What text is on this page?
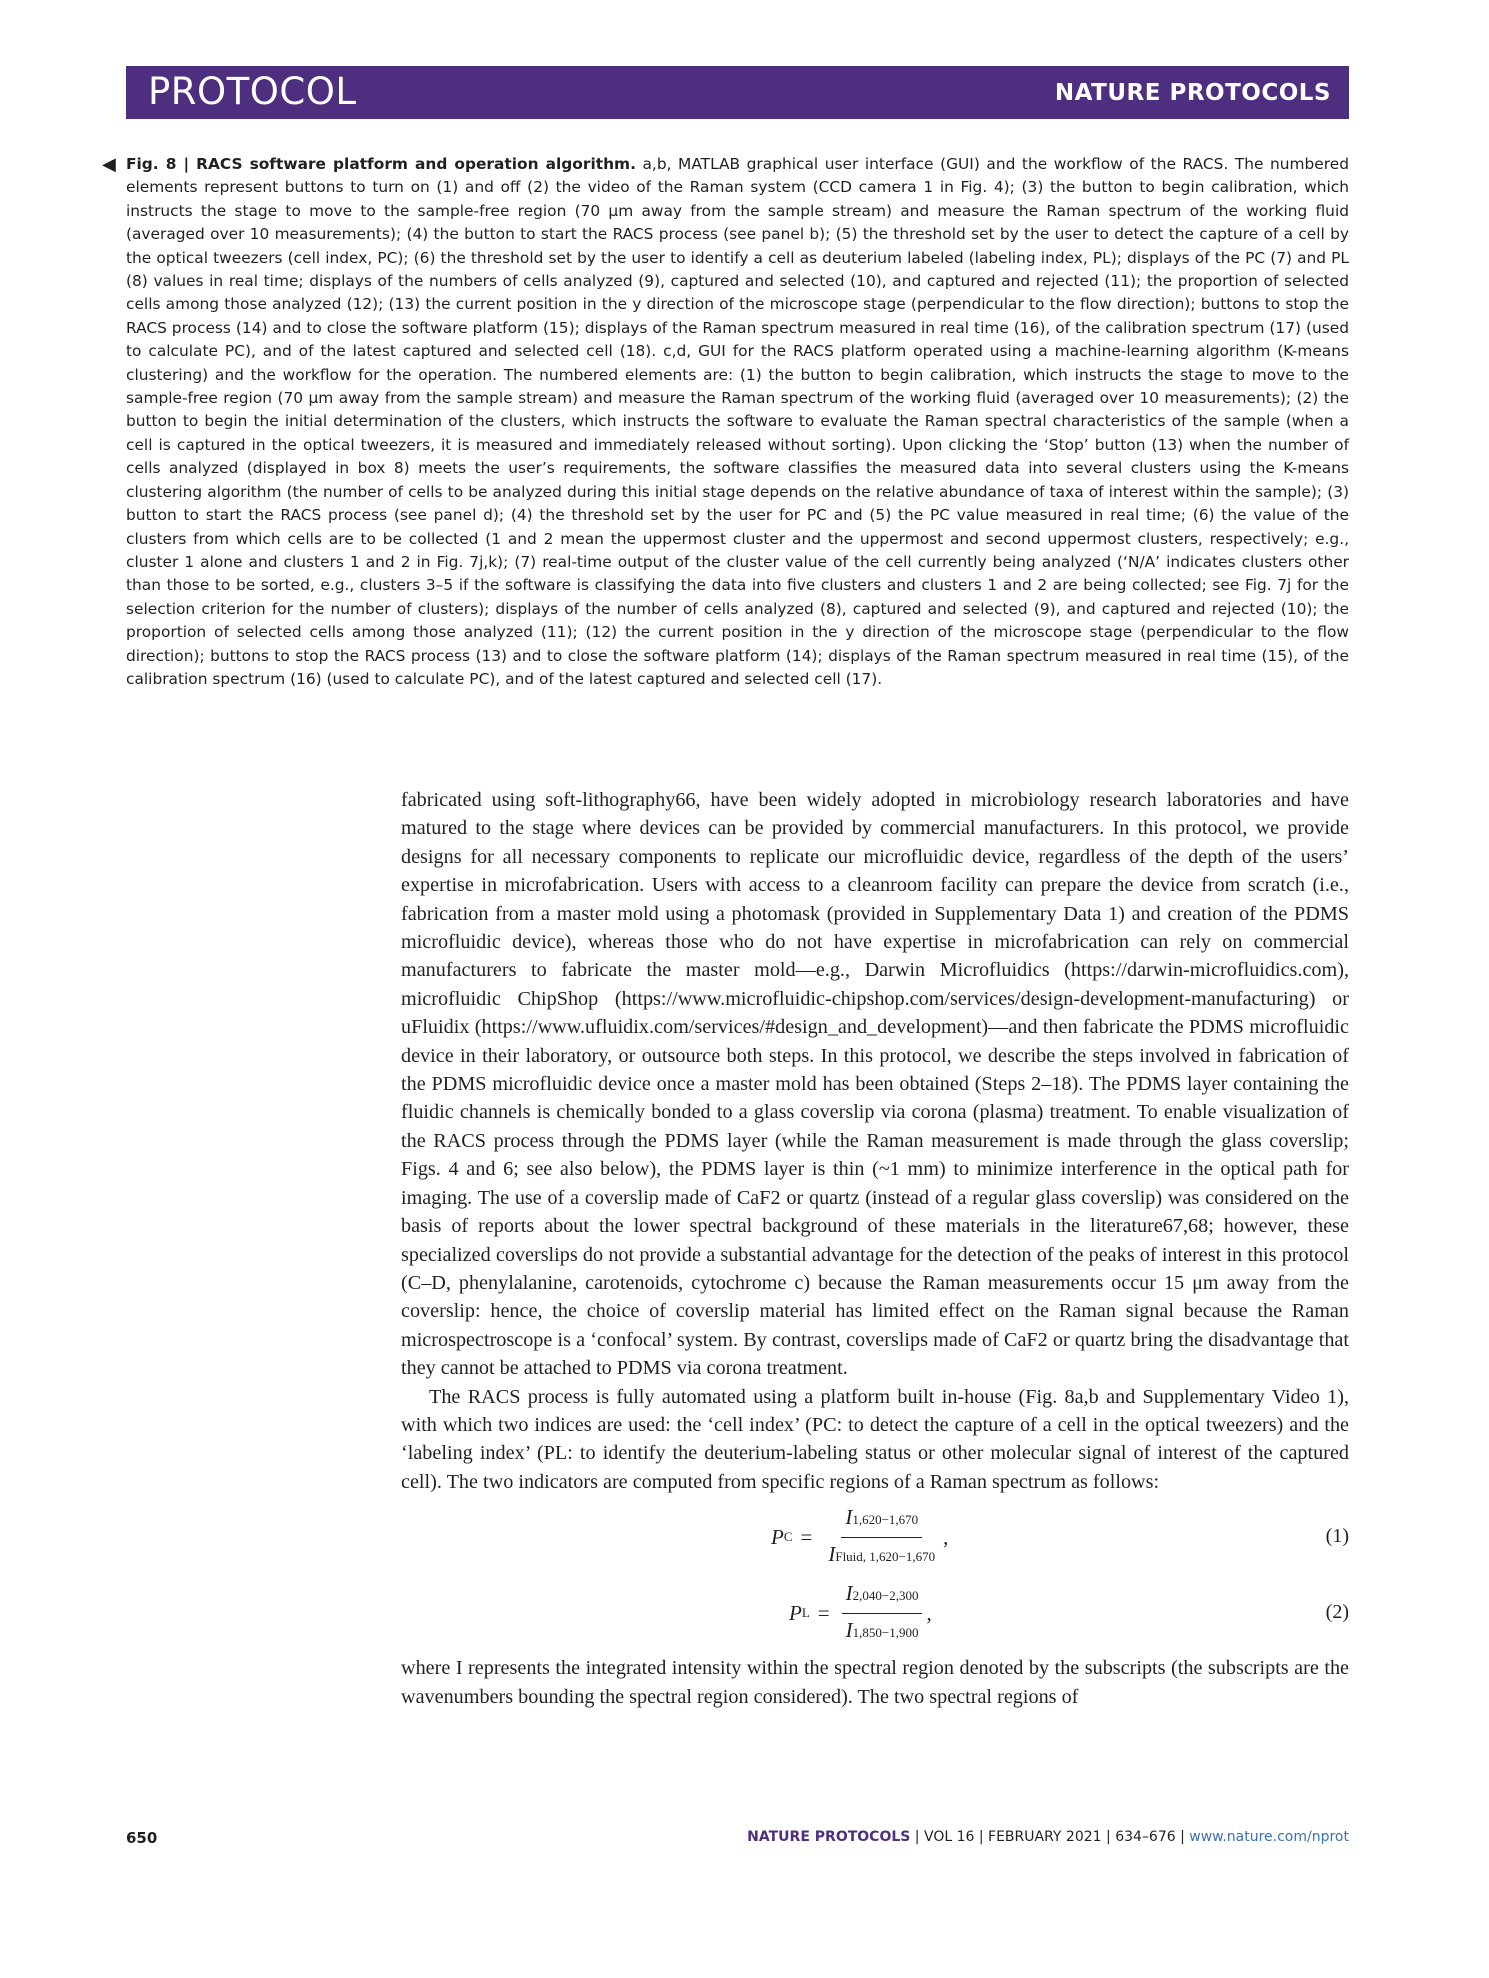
PROTOCOL	NATURE PROTOCOLS
◀ Fig. 8 | RACS software platform and operation algorithm. a,b, MATLAB graphical user interface (GUI) and the workflow of the RACS. The numbered elements represent buttons to turn on (1) and off (2) the video of the Raman system (CCD camera 1 in Fig. 4); (3) the button to begin calibration, which instructs the stage to move to the sample-free region (70 μm away from the sample stream) and measure the Raman spectrum of the working fluid (averaged over 10 measurements); (4) the button to start the RACS process (see panel b); (5) the threshold set by the user to detect the capture of a cell by the optical tweezers (cell index, PC); (6) the threshold set by the user to identify a cell as deuterium labeled (labeling index, PL); displays of the PC (7) and PL (8) values in real time; displays of the numbers of cells analyzed (9), captured and selected (10), and captured and rejected (11); the proportion of selected cells among those analyzed (12); (13) the current position in the y direction of the microscope stage (perpendicular to the flow direction); buttons to stop the RACS process (14) and to close the software platform (15); displays of the Raman spectrum measured in real time (16), of the calibration spectrum (17) (used to calculate PC), and of the latest captured and selected cell (18). c,d, GUI for the RACS platform operated using a machine-learning algorithm (K-means clustering) and the workflow for the operation. The numbered elements are: (1) the button to begin calibration, which instructs the stage to move to the sample-free region (70 μm away from the sample stream) and measure the Raman spectrum of the working fluid (averaged over 10 measurements); (2) the button to begin the initial determination of the clusters, which instructs the software to evaluate the Raman spectral characteristics of the sample (when a cell is captured in the optical tweezers, it is measured and immediately released without sorting). Upon clicking the ‘Stop’ button (13) when the number of cells analyzed (displayed in box 8) meets the user’s requirements, the software classifies the measured data into several clusters using the K-means clustering algorithm (the number of cells to be analyzed during this initial stage depends on the relative abundance of taxa of interest within the sample); (3) button to start the RACS process (see panel d); (4) the threshold set by the user for PC and (5) the PC value measured in real time; (6) the value of the clusters from which cells are to be collected (1 and 2 mean the uppermost cluster and the uppermost and second uppermost clusters, respectively; e.g., cluster 1 alone and clusters 1 and 2 in Fig. 7j,k); (7) real-time output of the cluster value of the cell currently being analyzed (‘N/A’ indicates clusters other than those to be sorted, e.g., clusters 3–5 if the software is classifying the data into five clusters and clusters 1 and 2 are being collected; see Fig. 7j for the selection criterion for the number of clusters); displays of the number of cells analyzed (8), captured and selected (9), and captured and rejected (10); the proportion of selected cells among those analyzed (11); (12) the current position in the y direction of the microscope stage (perpendicular to the flow direction); buttons to stop the RACS process (13) and to close the software platform (14); displays of the Raman spectrum measured in real time (15), of the calibration spectrum (16) (used to calculate PC), and of the latest captured and selected cell (17).

fabricated using soft-lithography66, have been widely adopted in microbiology research laboratories and have matured to the stage where devices can be provided by commercial manufacturers. In this protocol, we provide designs for all necessary components to replicate our microfluidic device, regardless of the depth of the users’ expertise in microfabrication. Users with access to a cleanroom facility can prepare the device from scratch (i.e., fabrication from a master mold using a photomask (provided in Supplementary Data 1) and creation of the PDMS microfluidic device), whereas those who do not have expertise in microfabrication can rely on commercial manufacturers to fabricate the master mold—e.g., Darwin Microfluidics (https://darwin-microfluidics.com), microfluidic ChipShop (https://www.microfluidic-chipshop.com/services/design-development-manufacturing) or uFluidix (https://www.ufluidix.com/services/#design_and_development)—and then fabricate the PDMS microfluidic device in their laboratory, or outsource both steps. In this protocol, we describe the steps involved in fabrication of the PDMS microfluidic device once a master mold has been obtained (Steps 2–18). The PDMS layer containing the fluidic channels is chemically bonded to a glass coverslip via corona (plasma) treatment. To enable visualization of the RACS process through the PDMS layer (while the Raman measurement is made through the glass coverslip; Figs. 4 and 6; see also below), the PDMS layer is thin (~1 mm) to minimize interference in the optical path for imaging. The use of a coverslip made of CaF2 or quartz (instead of a regular glass coverslip) was considered on the basis of reports about the lower spectral background of these materials in the literature67,68; however, these specialized coverslips do not provide a substantial advantage for the detection of the peaks of interest in this protocol (C–D, phenylalanine, carotenoids, cytochrome c) because the Raman measurements occur 15 μm away from the coverslip: hence, the choice of coverslip material has limited effect on the Raman signal because the Raman microspectroscope is a ‘confocal’ system. By contrast, coverslips made of CaF2 or quartz bring the disadvantage that they cannot be attached to PDMS via corona treatment.

The RACS process is fully automated using a platform built in-house (Fig. 8a,b and Supplementary Video 1), with which two indices are used: the ‘cell index’ (PC: to detect the capture of a cell in the optical tweezers) and the ‘labeling index’ (PL: to identify the deuterium-labeling status or other molecular signal of interest of the captured cell). The two indicators are computed from specific regions of a Raman spectrum as follows:

P $C = \frac{I1,620-1,670}{\text{IFluid, 1,620−1,670}}$ ,	(1)
P $L = \frac{I2,040-2,300}{I1,850-1,900}$ ,	(2)

where I represents the integrated intensity within the spectral region denoted by the subscripts (the subscripts are the wavenumbers bounding the spectral region considered). The two spectral regions of

650	NATURE PROTOCOLS | VOL 16 | FEBRUARY 2021 | 634–676 | www.nature.com/nprot
